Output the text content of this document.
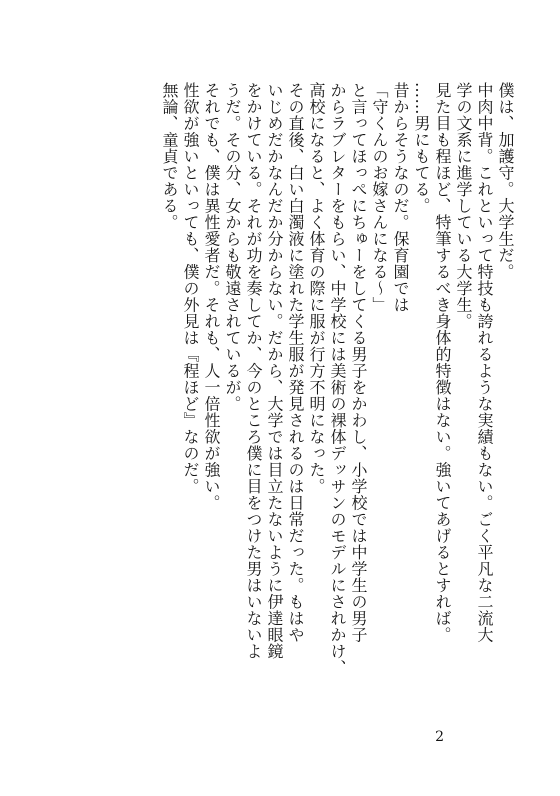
僕は、加護守。大学生だ。

中肉中背。これといって特技も誇れるような実績もない。ごく平凡な二流大

学の文系に進学している大学生。

見た目も程ほど、特筆するべき身体的特徴はない。強いてあげるとすれば。

……男にもてる。

昔からそうなのだ。保育園では

「守くんのお嫁さんになる〜」

と言ってほっぺにちゅーをしてくる男子をかわし、小学校では中学生の男子

からラブレターをもらい、中学校には美術の裸体デッサンのモデルにされかけ、

高校になると、よく体育の際に服が行方不明になった。

その直後、白い白濁液に塗れた学生服が発見されるのは日常だった。もはや

いじめだかなんだか分からない。だから、大学では目立たないように伊達眼鏡

をかけている。それが功を奏してか、今のところ僕に目をつけた男はいないよ

うだ。その分、女からも敬遠されているが。

それでも、僕は異性愛者だ。それも、人一倍性欲が強い。

性欲が強いといっても、僕の外見は『程ほど』なのだ。

無論、童貞である。

2
